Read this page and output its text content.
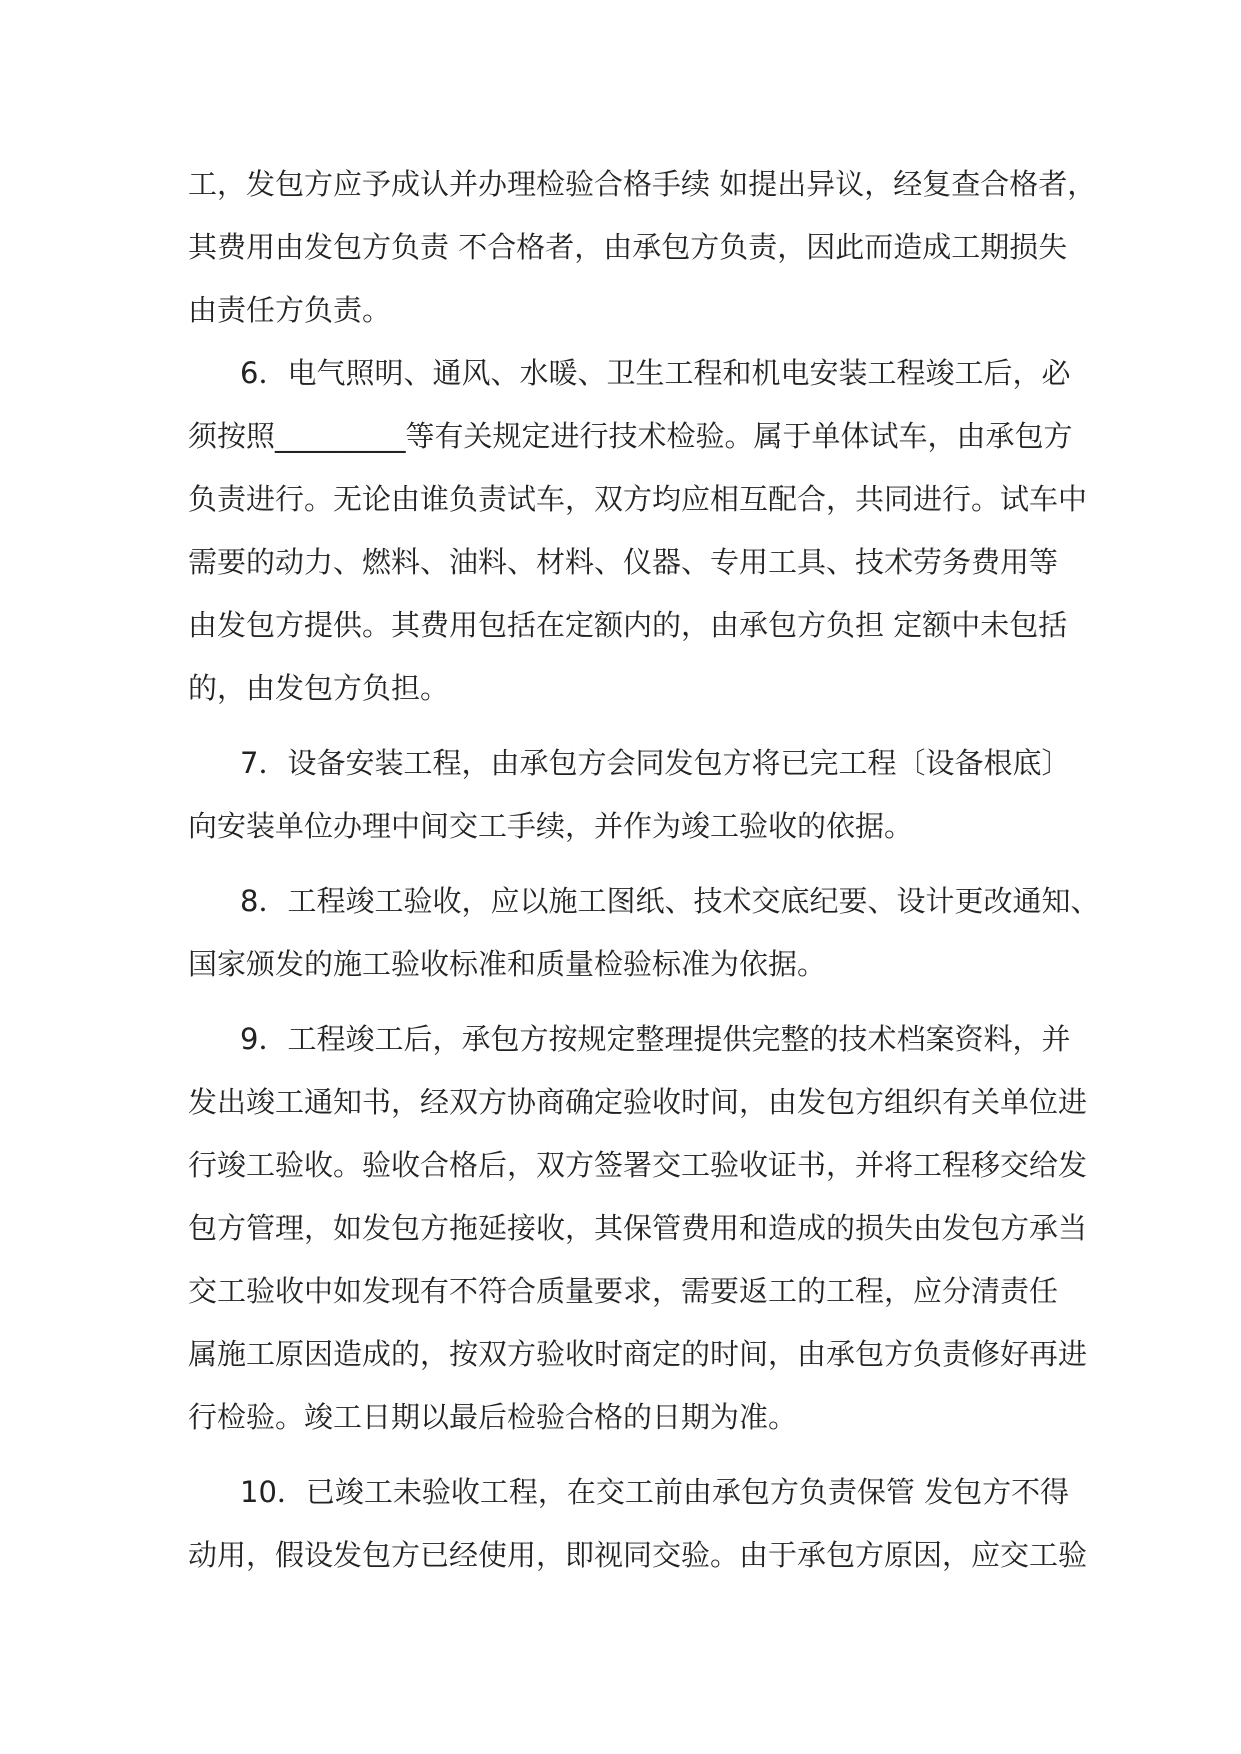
工，发包方应予成认并办理检验合格手续 如提出异议，经复查合格者，
其费用由发包方负责 不合格者，由承包方负责，因此而造成工期损失
由责任方负责。
6．电气照明、通风、水暖、卫生工程和机电安装工程竣工后，必
须按照_________等有关规定进行技术检验。属于单体试车，由承包方
负责进行。无论由谁负责试车，双方均应相互配合，共同进行。试车中
需要的动力、燃料、油料、材料、仪器、专用工具、技术劳务费用等
由发包方提供。其费用包括在定额内的，由承包方负担 定额中未包括
的，由发包方负担。
7．设备安装工程，由承包方会同发包方将已完工程〔设备根底〕
向安装单位办理中间交工手续，并作为竣工验收的依据。
8．工程竣工验收，应以施工图纸、技术交底纪要、设计更改通知、
国家颁发的施工验收标准和质量检验标准为依据。
9．工程竣工后，承包方按规定整理提供完整的技术档案资料，并
发出竣工通知书，经双方协商确定验收时间，由发包方组织有关单位进
行竣工验收。验收合格后，双方签署交工验收证书，并将工程移交给发
包方管理，如发包方拖延接收，其保管费用和造成的损失由发包方承当
交工验收中如发现有不符合质量要求，需要返工的工程，应分清责任
属施工原因造成的，按双方验收时商定的时间，由承包方负责修好再进
行检验。竣工日期以最后检验合格的日期为准。
10．已竣工未验收工程，在交工前由承包方负责保管 发包方不得
动用，假设发包方已经使用，即视同交验。由于承包方原因，应交工验
